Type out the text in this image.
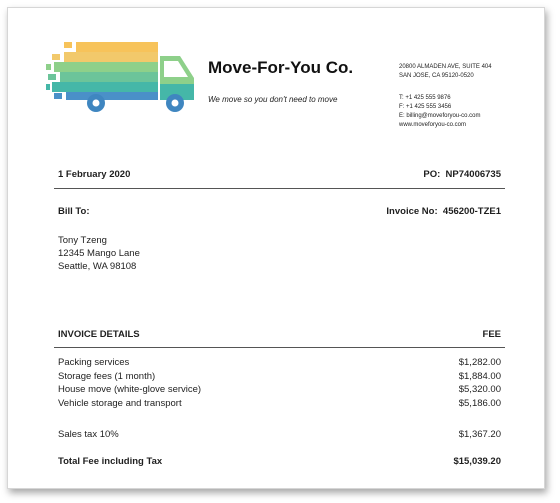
Move-For-You Co.
We move so you don't need to move
20800 ALMADEN AVE, SUITE 404
SAN JOSE, CA 95120-0520
T: +1 425 555 9876
F: +1 425 555 3456
E: billing@moveforyou-co.com
www.moveforyou-co.com
1 February 2020	PO: NP74006735
Bill To:	Invoice No: 456200-TZE1
Tony Tzeng
12345 Mango Lane
Seattle, WA 98108
INVOICE DETAILS	FEE
Packing services	$1,282.00
Storage fees (1 month)	$1,884.00
House move (white-glove service)	$5,320.00
Vehicle storage and transport	$5,186.00
Sales tax 10%	$1,367.20
Total Fee including Tax	$15,039.20
